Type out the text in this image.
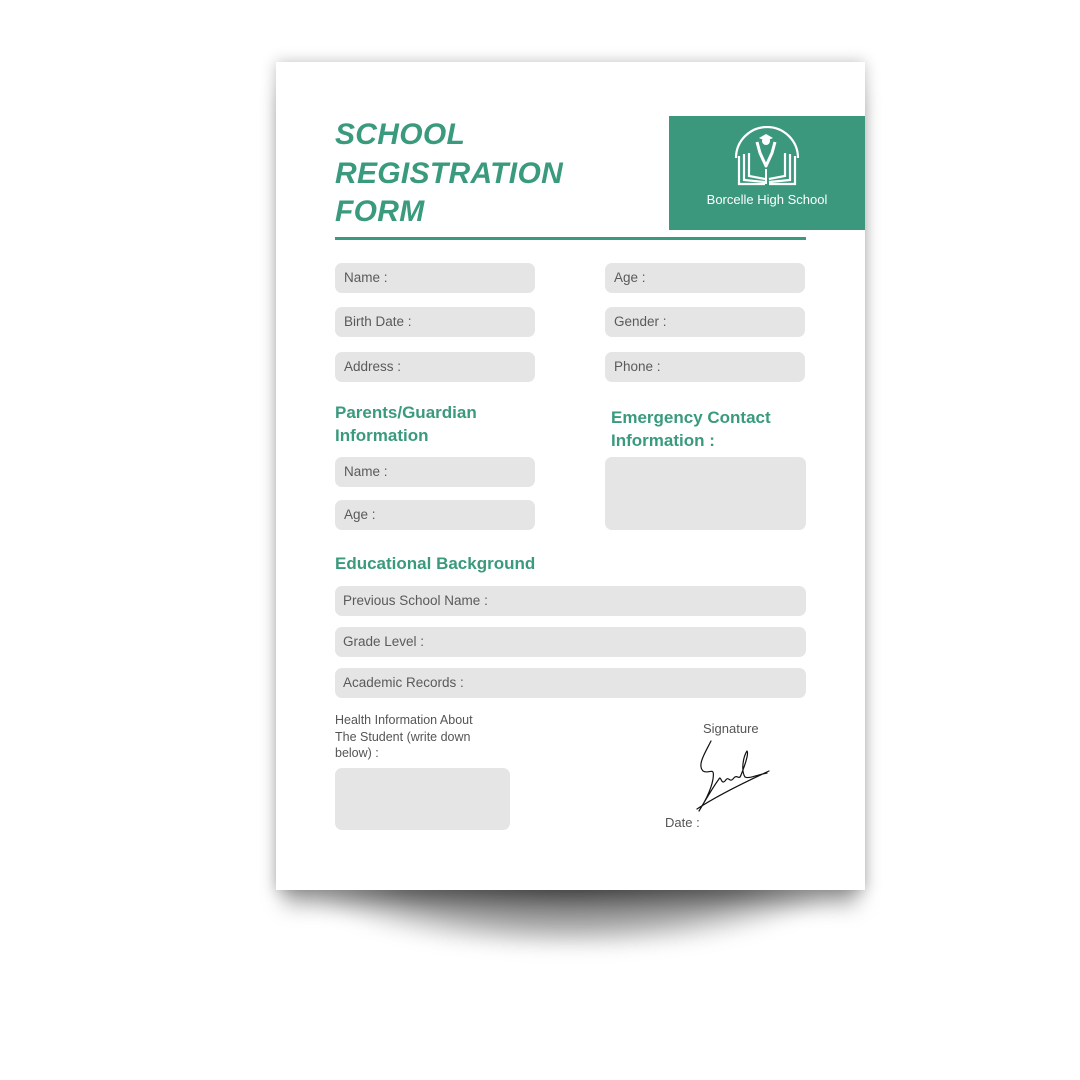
SCHOOL
REGISTRATION
FORM	Borcelle High School
Name :	Age :
Birth Date :	Gender :
Address :	Phone :
Parents/Guardian
Information
Name :
Age :
Emergency Contact
Information :
Educational Background
Previous School Name :
Grade Level :
Academic Records :
Health Information About
The Student (write down
below) :
Signature
Date :
